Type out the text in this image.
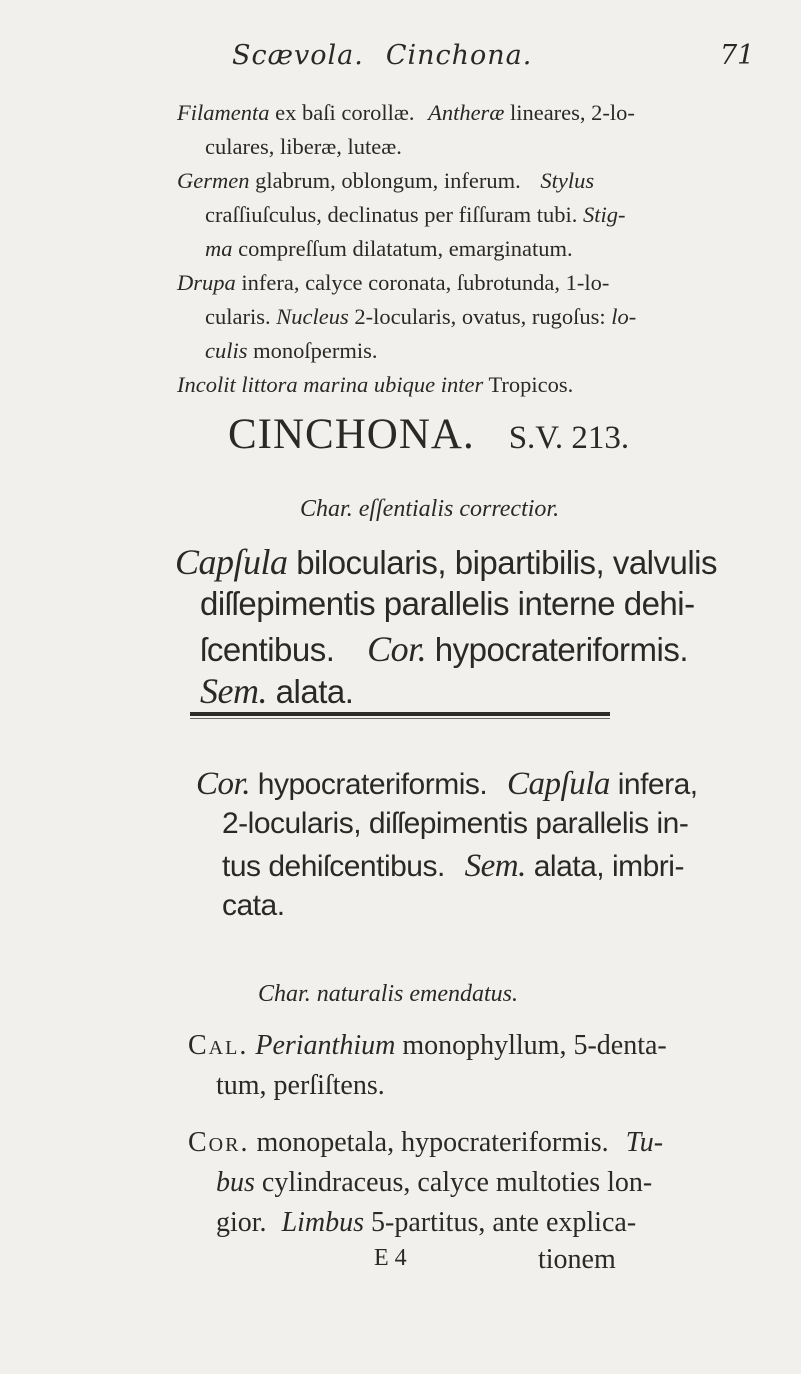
Scævola. Cinchona.	71
Filamenta ex baſi corollæ. Antheræ lineares, 2-lo-
culares, liberæ, luteæ.
Germen glabrum, oblongum, inferum. Stylus
craſſiuſculus, declinatus per fiſſuram tubi. Stig-
ma compreſſum dilatatum, emarginatum.
Drupa infera, calyce coronata, ſubrotunda, 1-lo-
cularis. Nucleus 2-locularis, ovatus, rugoſus: lo-
culis monoſpermis.
Incolit littora marina ubique inter Tropicos.
CINCHONA. S.V. 213.
Char. eſſentialis correctior.
Capſula bilocularis, bipartibilis, valvulis
diſſepimentis parallelis interne dehi-
ſcentibus. Cor. hypocrateriformis.
Sem. alata.
Cor. hypocrateriformis. Capſula infera,
2-locularis, diſſepimentis parallelis in-
tus dehiſcentibus. Sem. alata, imbri-
cata.
Char. naturalis emendatus.
Cal. Perianthium monophyllum, 5-denta-
tum, perſiſtens.
Cor. monopetala, hypocrateriformis. Tu-
bus cylindraceus, calyce multoties lon-
gior. Limbus 5-partitus, ante explica-
E 4	tionem
